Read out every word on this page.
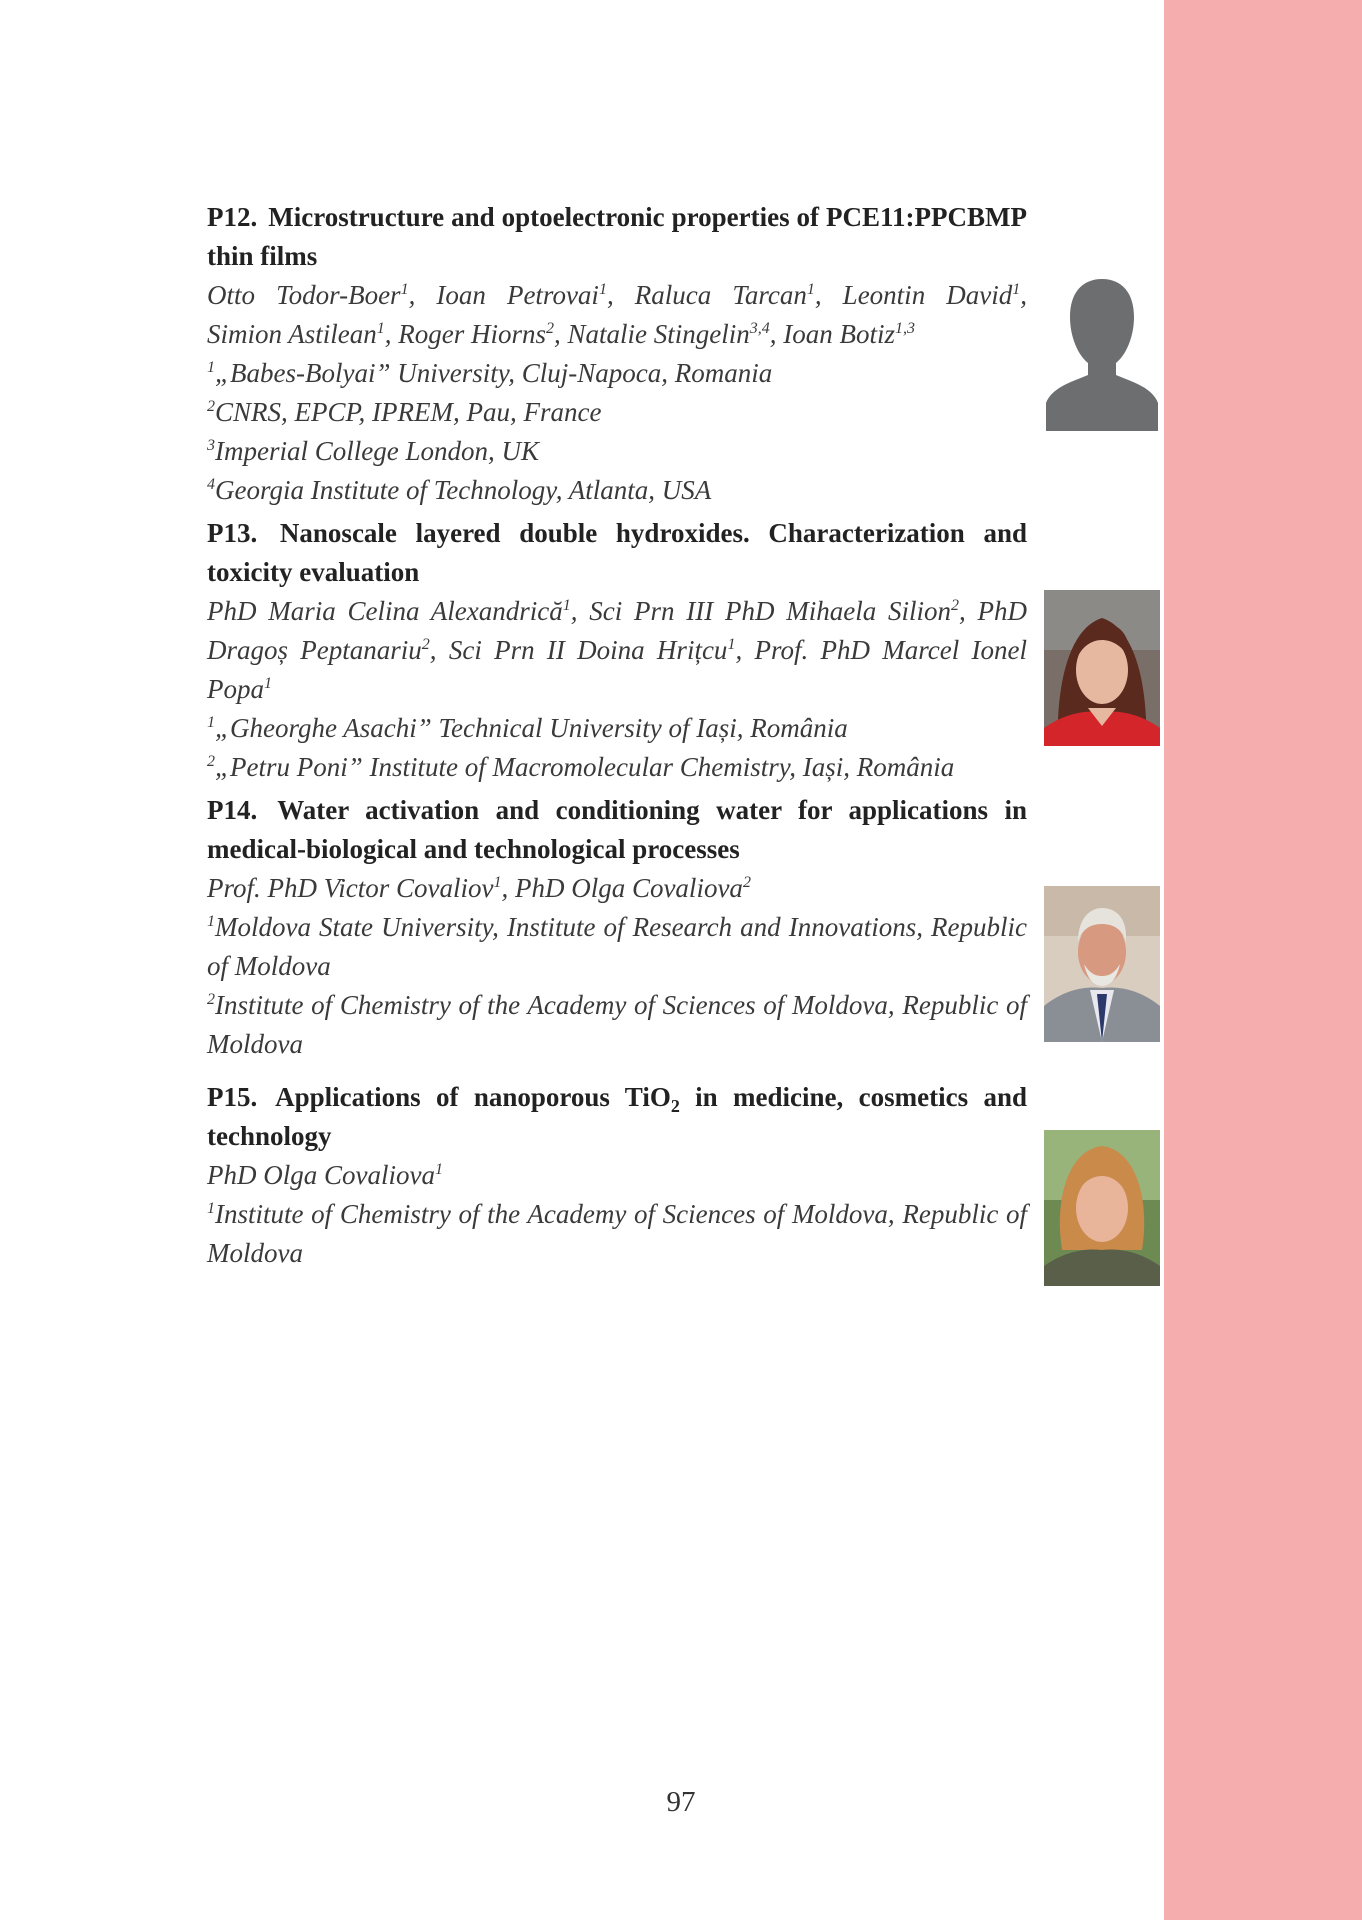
P12. Microstructure and optoelectronic properties of PCE11:PPCBMP thin films

Otto Todor-Boer$^1$, Ioan Petrovai$^1$, Raluca Tarcan$^1$, Leontin David$^1$,

Simion Astilean$^1$, Roger Hiorns$^2$, Natalie Stingelin$^{3,4}$, Ioan Botiz$^{1,3}$

$^1$„Babes-Bolyai” University, Cluj-Napoca, Romania

$^2$CNRS, EPCP, IPREM, Pau, France

$^3$Imperial College London, UK

$^4$Georgia Institute of Technology, Atlanta, USA

P13. Nanoscale layered double hydroxides. Characterization and toxicity evaluation

PhD Maria Celina Alexandrică$^1$, Sci Prn III PhD Mihaela Silion$^2$, PhD Dragoș Peptanariu$^2$, Sci Prn II Doina Hrițcu$^1$, Prof. PhD Marcel Ionel Popa$^1$

$^1$„Gheorghe Asachi” Technical University of Iași, România

$^2$„Petru Poni” Institute of Macromolecular Chemistry, Iași, România

P14. Water activation and conditioning water for applications in medical-biological and technological processes

Prof. PhD Victor Covaliov$^1$, PhD Olga Covaliova$^2$

$^1$Moldova State University, Institute of Research and Innovations, Republic of Moldova

$^2$Institute of Chemistry of the Academy of Sciences of Moldova, Republic of Moldova

P15. Applications of nanoporous TiO$_2$ in medicine, cosmetics and technology

PhD Olga Covaliova$^1$

$^1$Institute of Chemistry of the Academy of Sciences of Moldova, Republic of Moldova

97
